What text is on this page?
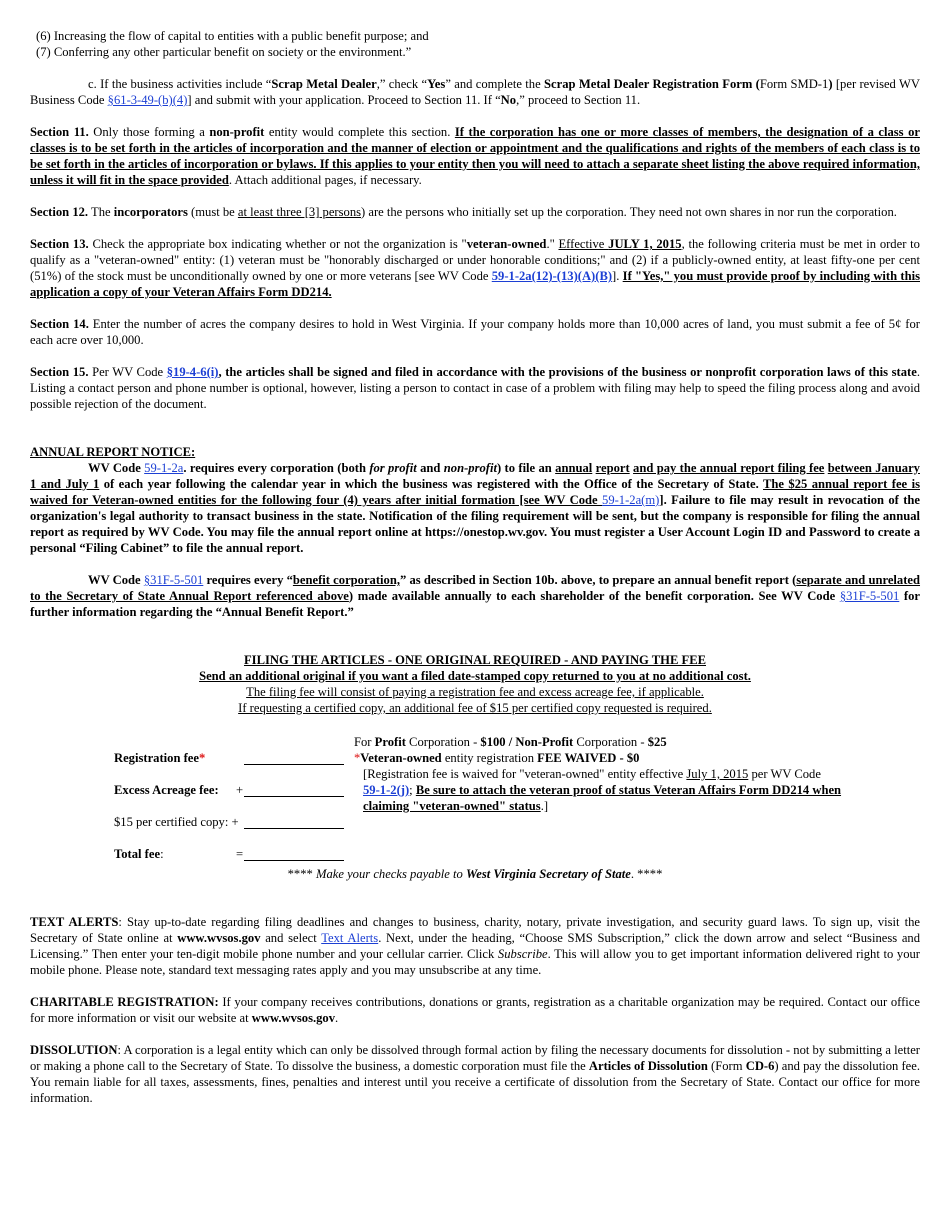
(6) Increasing the flow of capital to entities with a public benefit purpose; and

(7) Conferring any other particular benefit on society or the environment.”

c. If the business activities include “Scrap Metal Dealer,” check “Yes” and complete the Scrap Metal Dealer Registration Form (Form SMD-1) [per revised WV Business Code §61-3-49-(b)(4)] and submit with your application. Proceed to Section 11. If “No,” proceed to Section 11.

Section 11. Only those forming a non-profit entity would complete this section. If the corporation has one or more classes of members, the designation of a class or classes is to be set forth in the articles of incorporation and the manner of election or appointment and the qualifications and rights of the members of each class is to be set forth in the articles of incorporation or bylaws. If this applies to your entity then you will need to attach a separate sheet listing the above required information, unless it will fit in the space provided. Attach additional pages, if necessary.

Section 12. The incorporators (must be at least three [3] persons) are the persons who initially set up the corporation. They need not own shares in nor run the corporation.

Section 13. Check the appropriate box indicating whether or not the organization is "veteran-owned." Effective JULY 1, 2015, the following criteria must be met in order to qualify as a "veteran-owned" entity: (1) veteran must be "honorably discharged or under honorable conditions;" and (2) if a publicly-owned entity, at least fifty-one per cent (51%) of the stock must be unconditionally owned by one or more veterans [see WV Code 59-1-2a(12)-(13)(A)(B)]. If "Yes," you must provide proof by including with this application a copy of your Veteran Affairs Form DD214.

Section 14. Enter the number of acres the company desires to hold in West Virginia. If your company holds more than 10,000 acres of land, you must submit a fee of 5¢ for each acre over 10,000.

Section 15. Per WV Code §19-4-6(i), the articles shall be signed and filed in accordance with the provisions of the business or nonprofit corporation laws of this state. Listing a contact person and phone number is optional, however, listing a person to contact in case of a problem with filing may help to speed the filing process along and avoid possible rejection of the document.

ANNUAL REPORT NOTICE:

WV Code 59-1-2a. requires every corporation (both for profit and non-profit) to file an annual report and pay the annual report filing fee between January 1 and July 1 of each year following the calendar year in which the business was registered with the Office of the Secretary of State. The $25 annual report fee is waived for Veteran-owned entities for the following four (4) years after initial formation [see WV Code 59-1-2a(m)]. Failure to file may result in revocation of the organization's legal authority to transact business in the state. Notification of the filing requirement will be sent, but the company is responsible for filing the annual report as required by WV Code. You may file the annual report online at https://onestop.wv.gov. You must register a User Account Login ID and Password to create a personal “Filing Cabinet” to file the annual report.

WV Code §31F-5-501 requires every “benefit corporation,” as described in Section 10b. above, to prepare an annual benefit report (separate and unrelated to the Secretary of State Annual Report referenced above) made available annually to each shareholder of the benefit corporation. See WV Code §31F-5-501 for further information regarding the “Annual Benefit Report.”

FILING THE ARTICLES - ONE ORIGINAL REQUIRED - AND PAYING THE FEE

Send an additional original if you want a filed date-stamped copy returned to you at no additional cost.

The filing fee will consist of paying a registration fee and excess acreage fee, if applicable.

If requesting a certified copy, an additional fee of $15 per certified copy requested is required.

Registration fee*
Excess Acreage fee: +
$15 per certified copy: +
Total fee:	=
For Profit Corporation - $100 / Non-Profit Corporation - $25
*Veteran-owned entity registration FEE WAIVED - $0
[Registration fee is waived for "veteran-owned" entity effective July 1, 2015 per WV Code
59-1-2(j); Be sure to attach the veteran proof of status Veteran Affairs Form DD214 when claiming "veteran-owned" status.]

**** Make your checks payable to West Virginia Secretary of State. ****

TEXT ALERTS: Stay up-to-date regarding filing deadlines and changes to business, charity, notary, private investigation, and security guard laws. To sign up, visit the Secretary of State online at www.wvsos.gov and select Text Alerts. Next, under the heading, “Choose SMS Subscription,” click the down arrow and select “Business and Licensing.” Then enter your ten-digit mobile phone number and your cellular carrier. Click Subscribe. This will allow you to get important information delivered right to your mobile phone. Please note, standard text messaging rates apply and you may unsubscribe at any time.

CHARITABLE REGISTRATION: If your company receives contributions, donations or grants, registration as a charitable organization may be required. Contact our office for more information or visit our website at www.wvsos.gov.

DISSOLUTION: A corporation is a legal entity which can only be dissolved through formal action by filing the necessary documents for dissolution - not by submitting a letter or making a phone call to the Secretary of State. To dissolve the business, a domestic corporation must file the Articles of Dissolution (Form CD-6) and pay the dissolution fee. You remain liable for all taxes, assessments, fines, penalties and interest until you receive a certificate of dissolution from the Secretary of State. Contact our office for more information.
